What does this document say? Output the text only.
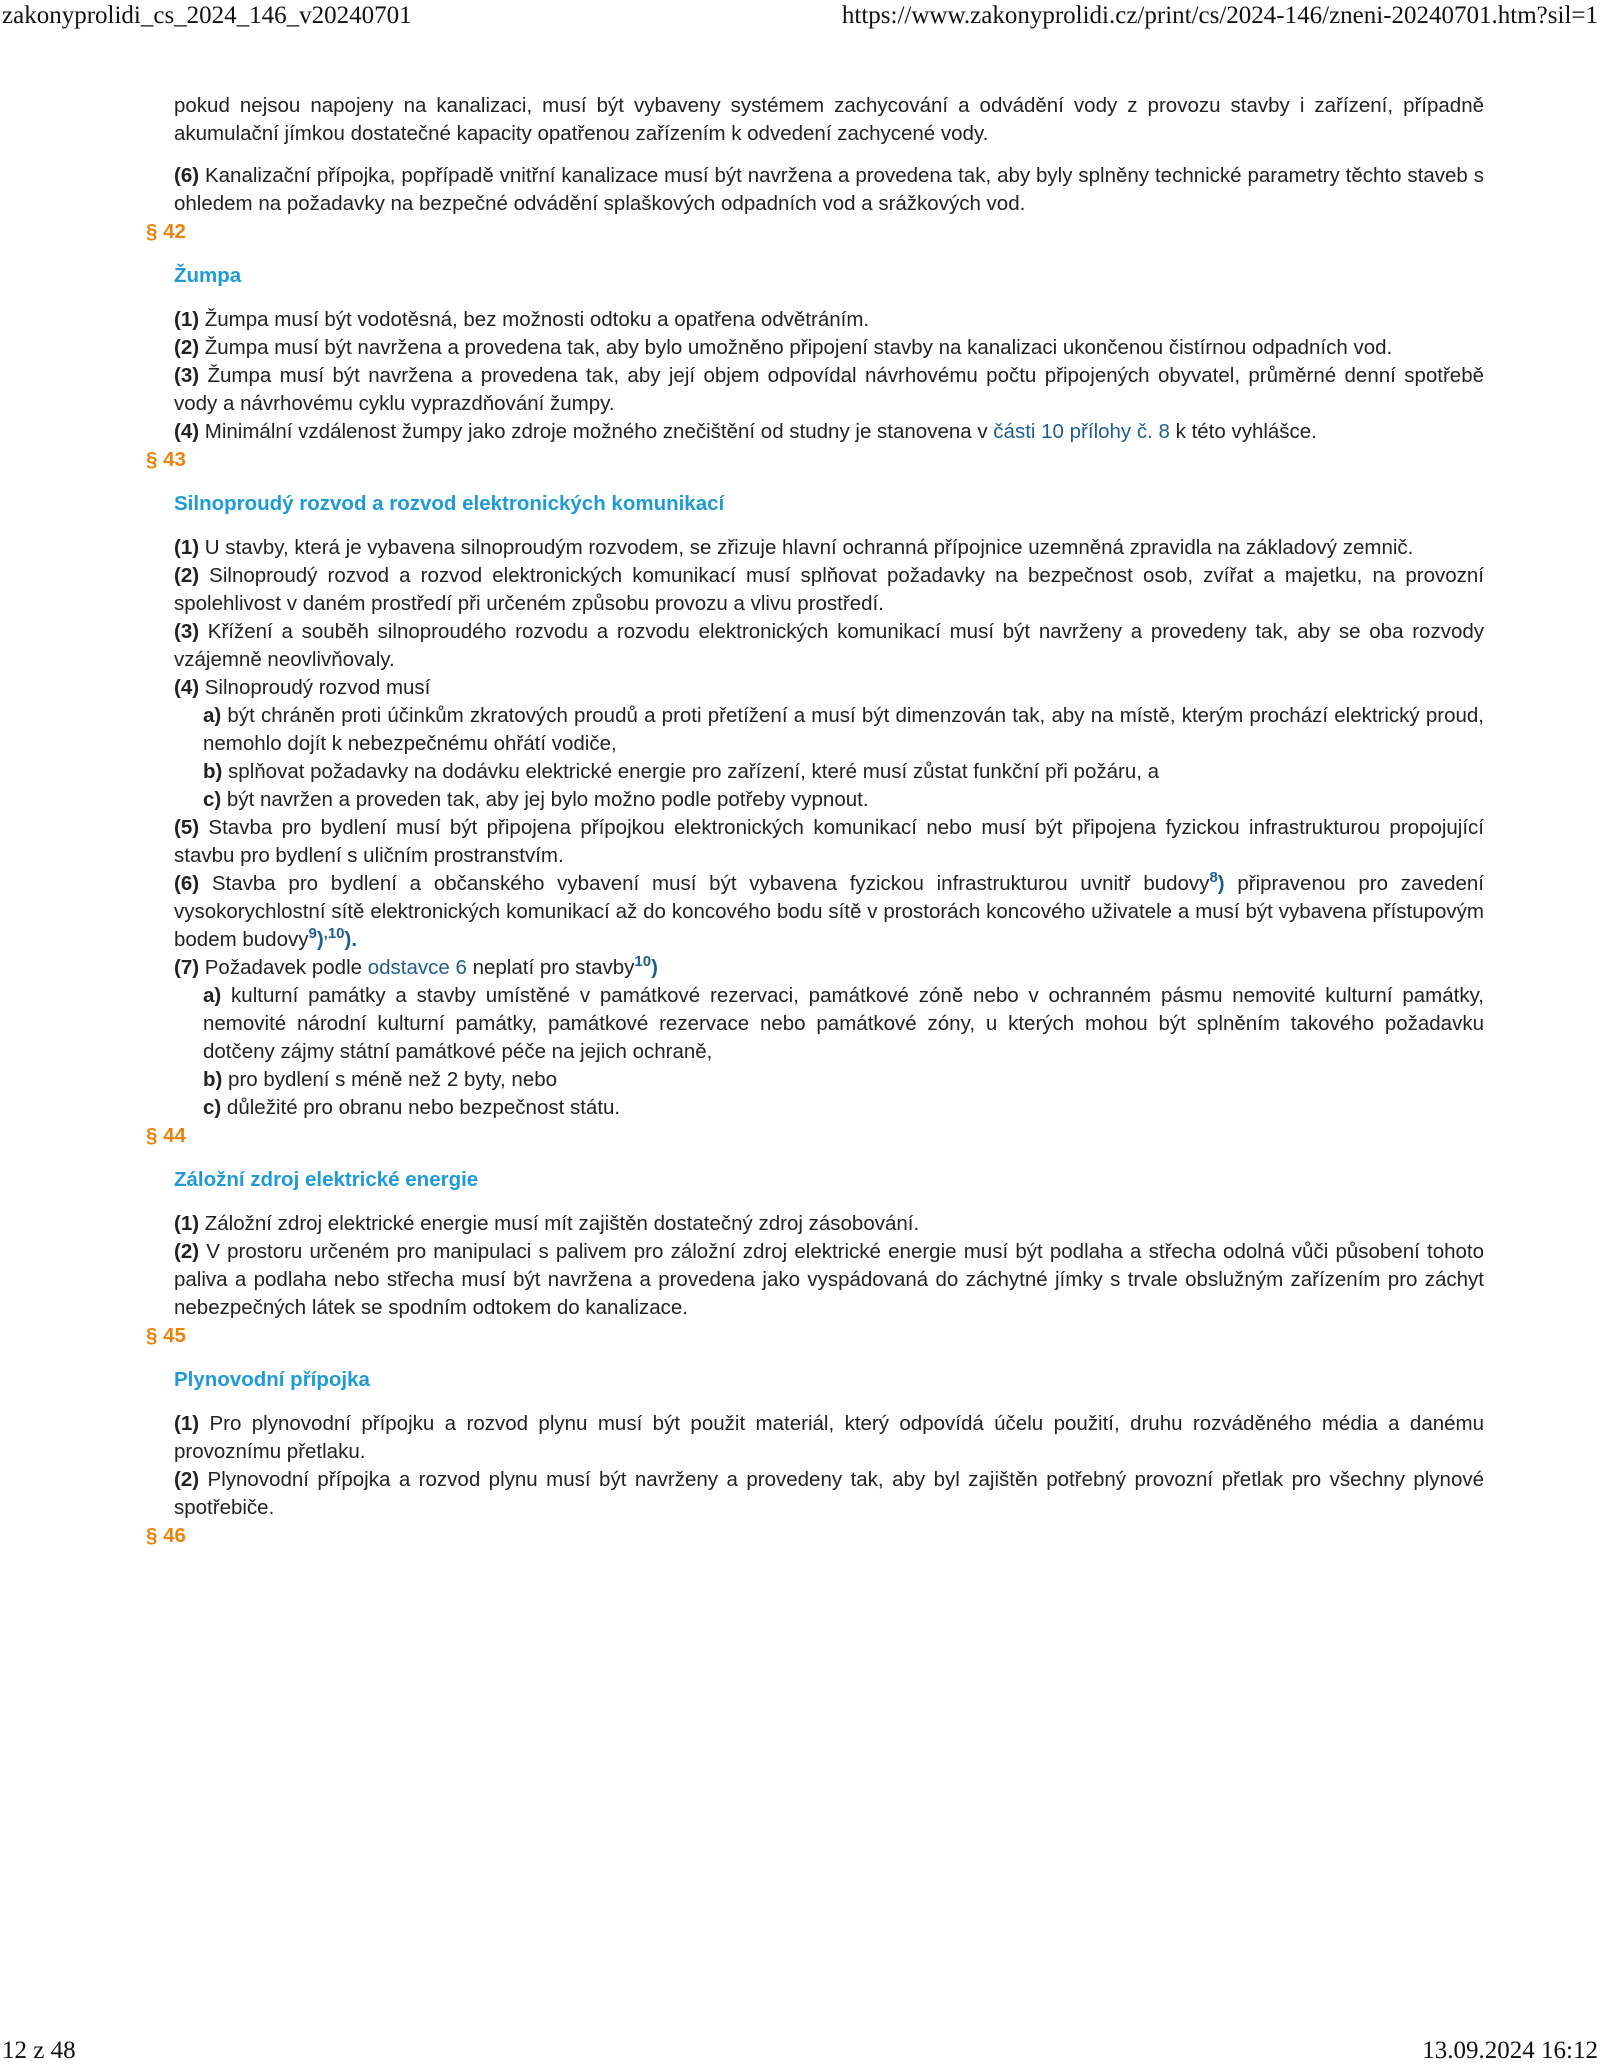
zakonyprolidi_cs_2024_146_v20240701	https://www.zakonyprolidi.cz/print/cs/2024-146/zneni-20240701.htm?sil=1

pokud nejsou napojeny na kanalizaci, musí být vybaveny systémem zachycování a odvádění vody z provozu stavby i zařízení, případně akumulační jímkou dostatečné kapacity opatřenou zařízením k odvedení zachycené vody.

(6) Kanalizační přípojka, popřípadě vnitřní kanalizace musí být navržena a provedena tak, aby byly splněny technické parametry těchto staveb s ohledem na požadavky na bezpečné odvádění splaškových odpadních vod a srážkových vod.

§ 42

Žumpa

(1) Žumpa musí být vodotěsná, bez možnosti odtoku a opatřena odvětráním.

(2) Žumpa musí být navržena a provedena tak, aby bylo umožněno připojení stavby na kanalizaci ukončenou čistírnou odpadních vod.

(3) Žumpa musí být navržena a provedena tak, aby její objem odpovídal návrhovému počtu připojených obyvatel, průměrné denní spotřebě vody a návrhovému cyklu vyprazdňování žumpy.

(4) Minimální vzdálenost žumpy jako zdroje možného znečištění od studny je stanovena v části 10 přílohy č. 8 k této vyhlášce.

§ 43

Silnoproudý rozvod a rozvod elektronických komunikací

(1) U stavby, která je vybavena silnoproudým rozvodem, se zřizuje hlavní ochranná přípojnice uzemněná zpravidla na základový zemnič.

(2) Silnoproudý rozvod a rozvod elektronických komunikací musí splňovat požadavky na bezpečnost osob, zvířat a majetku, na provozní spolehlivost v daném prostředí při určeném způsobu provozu a vlivu prostředí.

(3) Křížení a souběh silnoproudého rozvodu a rozvodu elektronických komunikací musí být navrženy a provedeny tak, aby se oba rozvody vzájemně neovlivňovaly.

(4) Silnoproudý rozvod musí

a) být chráněn proti účinkům zkratových proudů a proti přetížení a musí být dimenzován tak, aby na místě, kterým prochází elektrický proud, nemohlo dojít k nebezpečnému ohřátí vodiče,

b) splňovat požadavky na dodávku elektrické energie pro zařízení, které musí zůstat funkční při požáru, a

c) být navržen a proveden tak, aby jej bylo možno podle potřeby vypnout.

(5) Stavba pro bydlení musí být připojena přípojkou elektronických komunikací nebo musí být připojena fyzickou infrastrukturou propojující stavbu pro bydlení s uličním prostranstvím.

(6) Stavba pro bydlení a občanského vybavení musí být vybavena fyzickou infrastrukturou uvnitř budovy$^8$) připravenou pro zavedení vysokorychlostní sítě elektronických komunikací až do koncového bodu sítě v prostorách koncového uživatele a musí být vybavena přístupovým bodem budovy$^9$)$^{,10}$).

(7) Požadavek podle odstavce 6 neplatí pro stavby$^{10}$)

a) kulturní památky a stavby umístěné v památkové rezervaci, památkové zóně nebo v ochranném pásmu nemovité kulturní památky, nemovité národní kulturní památky, památkové rezervace nebo památkové zóny, u kterých mohou být splněním takového požadavku dotčeny zájmy státní památkové péče na jejich ochraně,

b) pro bydlení s méně než 2 byty, nebo

c) důležité pro obranu nebo bezpečnost státu.

§ 44

Záložní zdroj elektrické energie

(1) Záložní zdroj elektrické energie musí mít zajištěn dostatečný zdroj zásobování.

(2) V prostoru určeném pro manipulaci s palivem pro záložní zdroj elektrické energie musí být podlaha a střecha odolná vůči působení tohoto paliva a podlaha nebo střecha musí být navržena a provedena jako vyspádovaná do záchytné jímky s trvale obslužným zařízením pro záchyt nebezpečných látek se spodním odtokem do kanalizace.

§ 45

Plynovodní přípojka

(1) Pro plynovodní přípojku a rozvod plynu musí být použit materiál, který odpovídá účelu použití, druhu rozváděného média a danému provoznímu přetlaku.

(2) Plynovodní přípojka a rozvod plynu musí být navrženy a provedeny tak, aby byl zajištěn potřebný provozní přetlak pro všechny plynové spotřebiče.

§ 46

12 z 48	13.09.2024 16:12
